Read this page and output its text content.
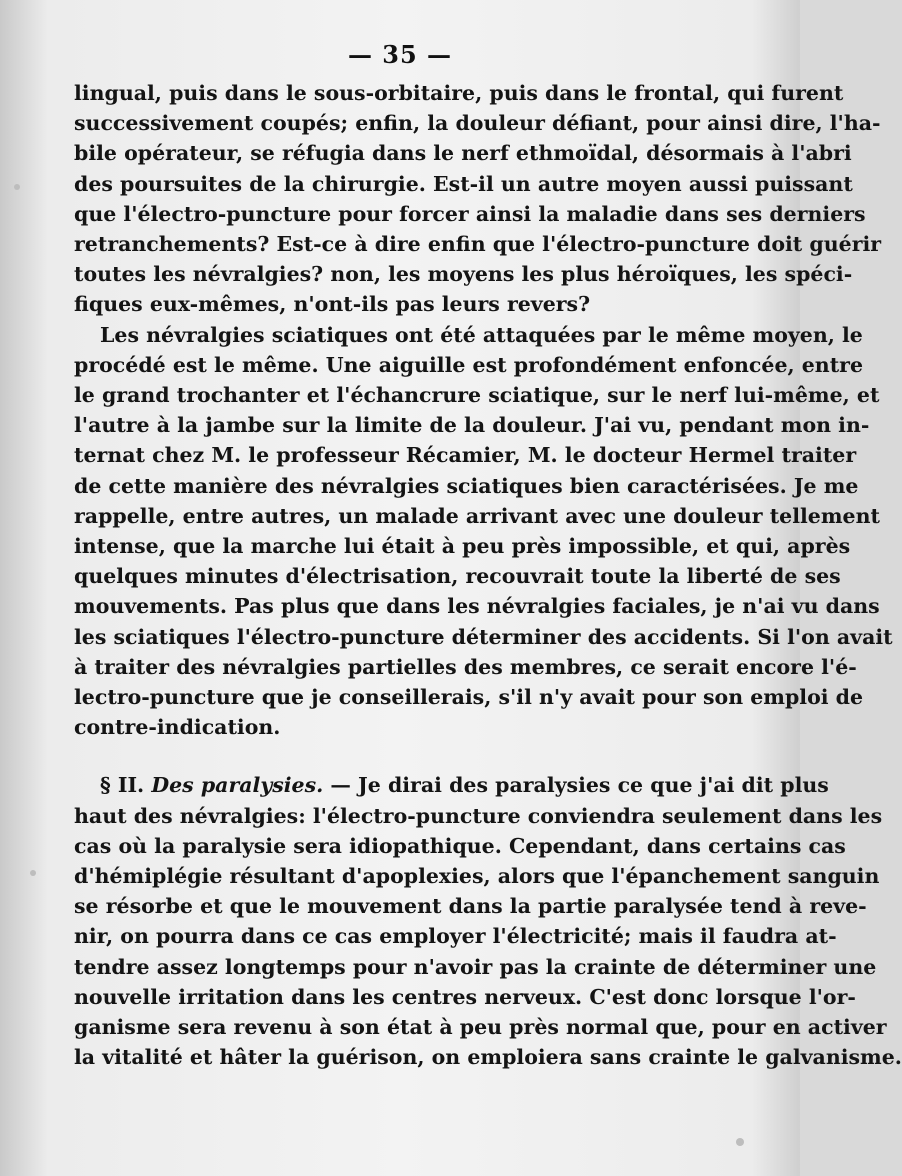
— 35 —
lingual, puis dans le sous-orbitaire, puis dans le frontal, qui furent
successivement coupés; enfin, la douleur défiant, pour ainsi dire, l'ha-
bile opérateur, se réfugia dans le nerf ethmoïdal, désormais à l'abri
des poursuites de la chirurgie. Est-il un autre moyen aussi puissant
que l'électro-puncture pour forcer ainsi la maladie dans ses derniers
retranchements? Est-ce à dire enfin que l'électro-puncture doit guérir
toutes les névralgies? non, les moyens les plus héroïques, les spéci-
fiques eux-mêmes, n'ont-ils pas leurs revers?
Les névralgies sciatiques ont été attaquées par le même moyen, le
procédé est le même. Une aiguille est profondément enfoncée, entre
le grand trochanter et l'échancrure sciatique, sur le nerf lui-même, et
l'autre à la jambe sur la limite de la douleur. J'ai vu, pendant mon in-
ternat chez M. le professeur Récamier, M. le docteur Hermel traiter
de cette manière des névralgies sciatiques bien caractérisées. Je me
rappelle, entre autres, un malade arrivant avec une douleur tellement
intense, que la marche lui était à peu près impossible, et qui, après
quelques minutes d'électrisation, recouvrait toute la liberté de ses
mouvements. Pas plus que dans les névralgies faciales, je n'ai vu dans
les sciatiques l'électro-puncture déterminer des accidents. Si l'on avait
à traiter des névralgies partielles des membres, ce serait encore l'é-
lectro-puncture que je conseillerais, s'il n'y avait pour son emploi de
contre-indication.
§ II. Des paralysies. — Je dirai des paralysies ce que j'ai dit plus
haut des névralgies: l'électro-puncture conviendra seulement dans les
cas où la paralysie sera idiopathique. Cependant, dans certains cas
d'hémiplégie résultant d'apoplexies, alors que l'épanchement sanguin
se résorbe et que le mouvement dans la partie paralysée tend à reve-
nir, on pourra dans ce cas employer l'électricité; mais il faudra at-
tendre assez longtemps pour n'avoir pas la crainte de déterminer une
nouvelle irritation dans les centres nerveux. C'est donc lorsque l'or-
ganisme sera revenu à son état à peu près normal que, pour en activer
la vitalité et hâter la guérison, on emploiera sans crainte le galvanisme.
